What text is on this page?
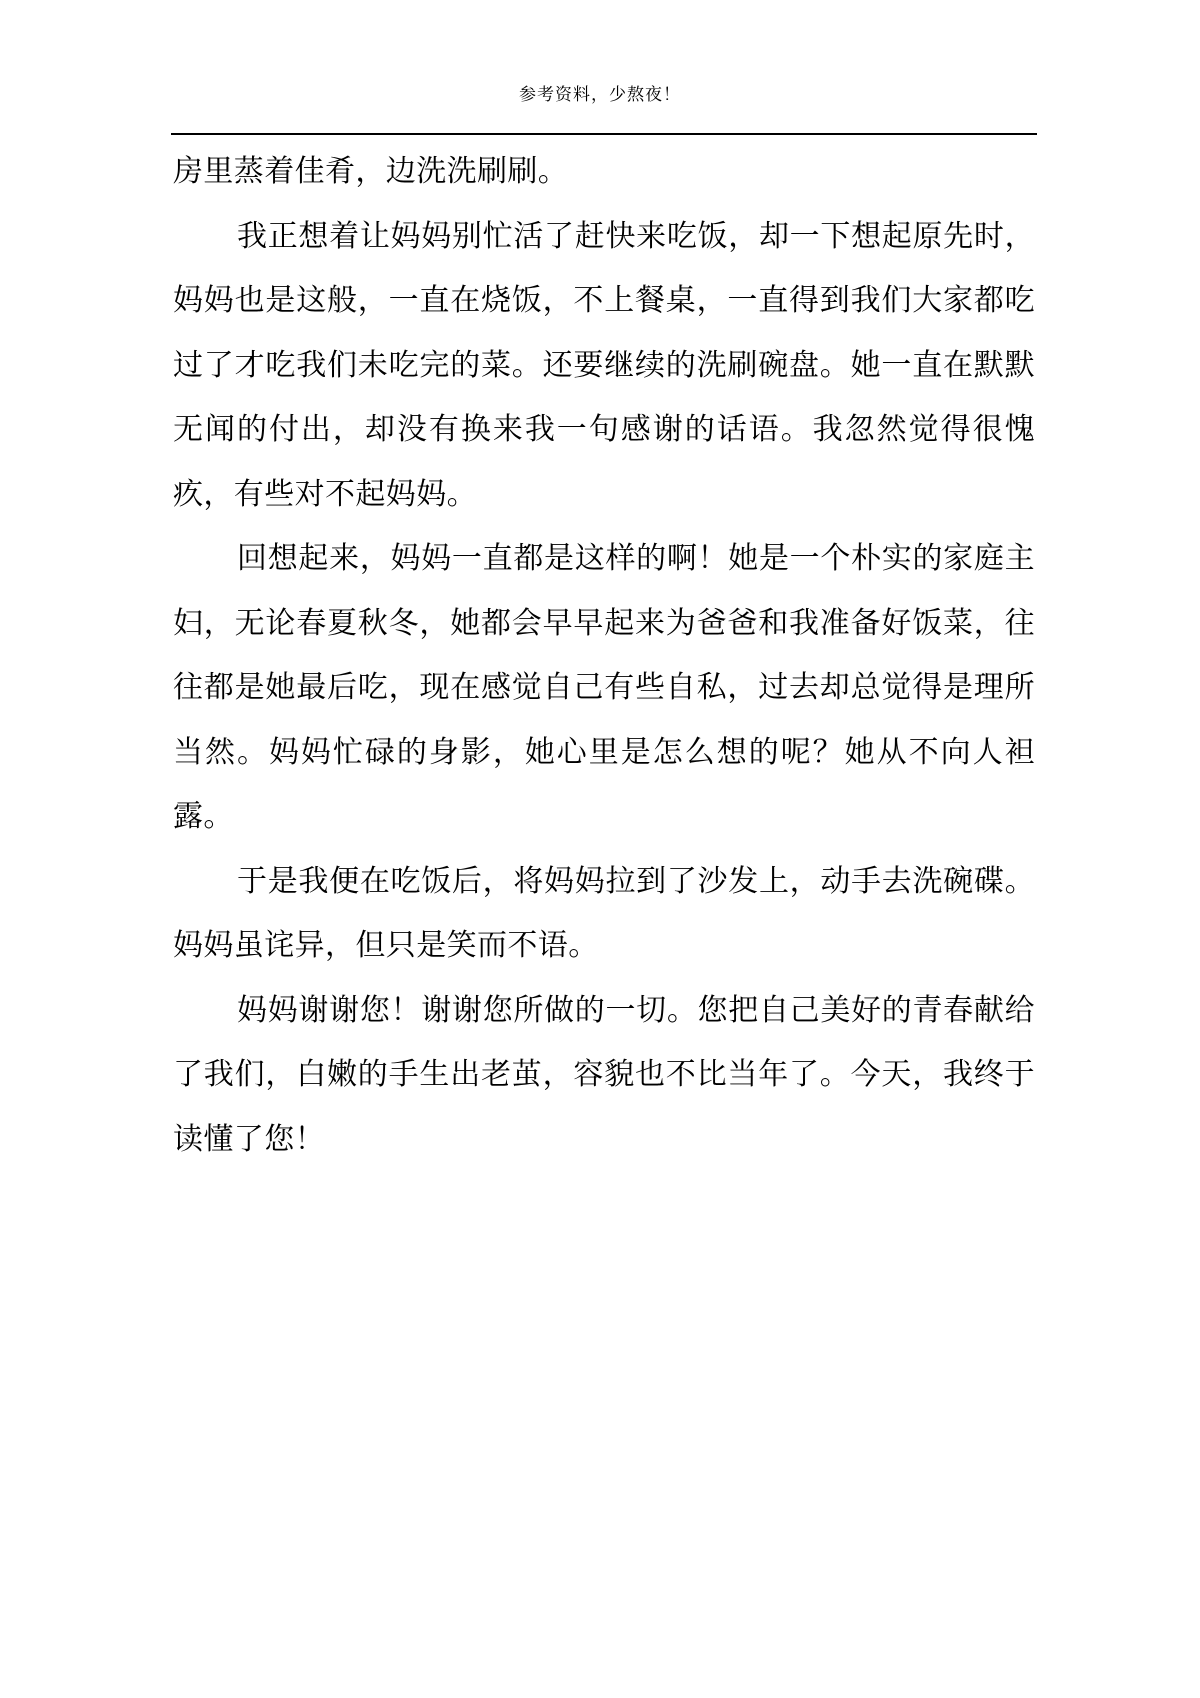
参考资料，少熬夜！

房里蒸着佳肴，边洗洗刷刷。

我正想着让妈妈别忙活了赶快来吃饭，却一下想起原先时，妈妈也是这般，一直在烧饭，不上餐桌，一直得到我们大家都吃过了才吃我们未吃完的菜。还要继续的洗刷碗盘。她一直在默默无闻的付出，却没有换来我一句感谢的话语。我忽然觉得很愧疚，有些对不起妈妈。

回想起来，妈妈一直都是这样的啊！她是一个朴实的家庭主妇，无论春夏秋冬，她都会早早起来为爸爸和我准备好饭菜，往往都是她最后吃，现在感觉自己有些自私，过去却总觉得是理所当然。妈妈忙碌的身影，她心里是怎么想的呢？她从不向人袒露。

于是我便在吃饭后，将妈妈拉到了沙发上，动手去洗碗碟。妈妈虽诧异，但只是笑而不语。

妈妈谢谢您！谢谢您所做的一切。您把自己美好的青春献给了我们，白嫩的手生出老茧，容貌也不比当年了。今天，我终于读懂了您！
